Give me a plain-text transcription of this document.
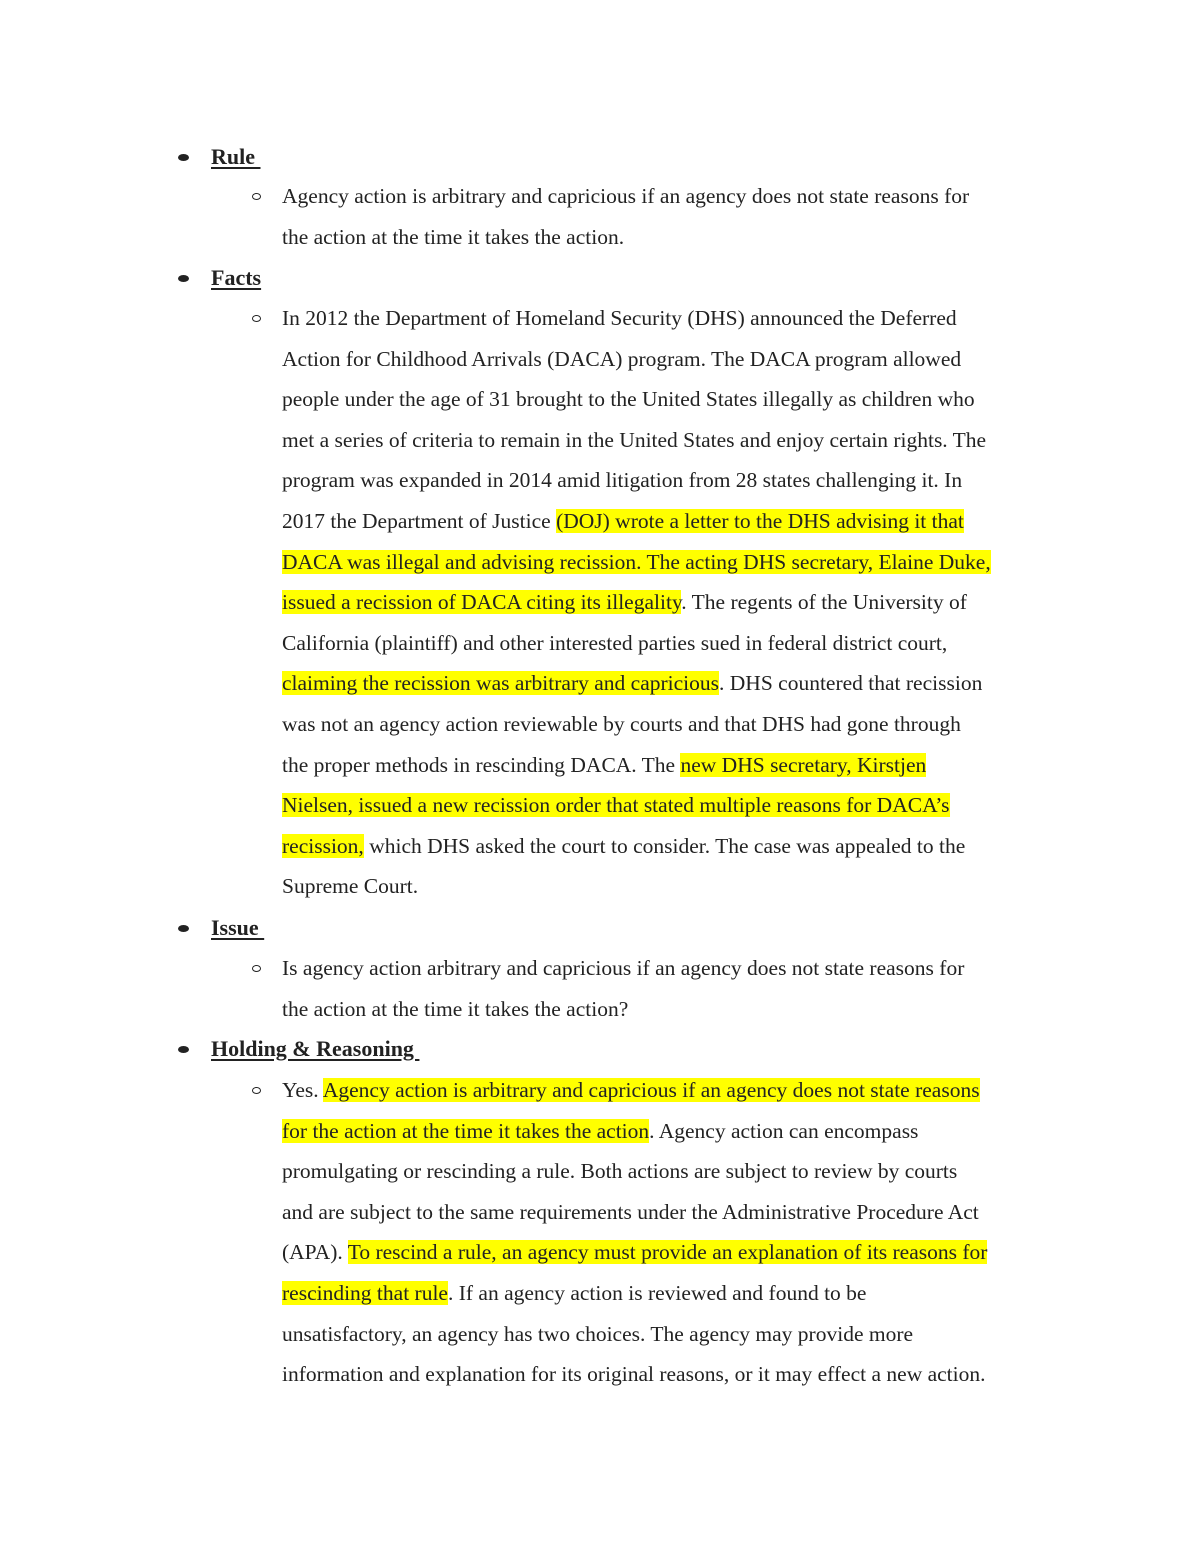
Rule
Agency action is arbitrary and capricious if an agency does not state reasons for
the action at the time it takes the action.
Facts
In 2012 the Department of Homeland Security (DHS) announced the Deferred
Action for Childhood Arrivals (DACA) program. The DACA program allowed
people under the age of 31 brought to the United States illegally as children who
met a series of criteria to remain in the United States and enjoy certain rights. The
program was expanded in 2014 amid litigation from 28 states challenging it. In
2017 the Department of Justice (DOJ) wrote a letter to the DHS advising it that
DACA was illegal and advising recission. The acting DHS secretary, Elaine Duke,
issued a recission of DACA citing its illegality. The regents of the University of
California (plaintiff) and other interested parties sued in federal district court,
claiming the recission was arbitrary and capricious. DHS countered that recission
was not an agency action reviewable by courts and that DHS had gone through
the proper methods in rescinding DACA. The new DHS secretary, Kirstjen
Nielsen, issued a new recission order that stated multiple reasons for DACA’s
recission, which DHS asked the court to consider. The case was appealed to the
Supreme Court.
Issue
Is agency action arbitrary and capricious if an agency does not state reasons for
the action at the time it takes the action?
Holding & Reasoning
Yes. Agency action is arbitrary and capricious if an agency does not state reasons
for the action at the time it takes the action. Agency action can encompass
promulgating or rescinding a rule. Both actions are subject to review by courts
and are subject to the same requirements under the Administrative Procedure Act
(APA). To rescind a rule, an agency must provide an explanation of its reasons for
rescinding that rule. If an agency action is reviewed and found to be
unsatisfactory, an agency has two choices. The agency may provide more
information and explanation for its original reasons, or it may effect a new action.
